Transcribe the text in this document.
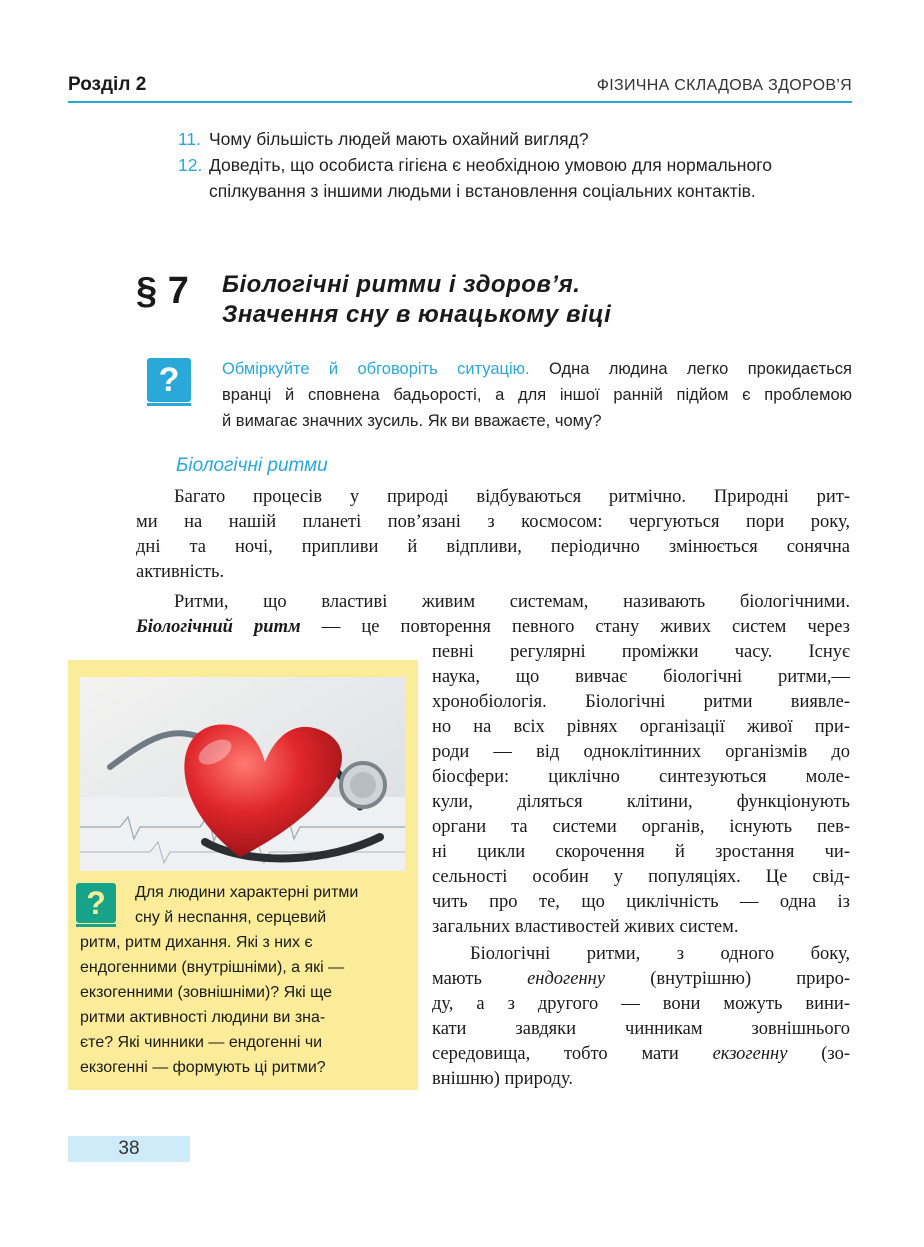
Розділ 2	ФІЗИЧНА СКЛАДОВА ЗДОРОВ’Я
11. Чому більшість людей мають охайний вигляд?
12. Доведіть, що особиста гігієна є необхідною умовою для нормального
спілкування з іншими людьми і встановлення соціальних контактів.
§ 7 Біологічні ритми і здоров’я.
Значення сну в юнацькому віці
?	Обміркуйте й обговоріть ситуацію. Одна людина легко прокидається
вранці й сповнена бадьорості, а для іншої ранній підйом є проблемою
й вимагає значних зусиль. Як ви вважаєте, чому?
Біологічні ритми
Багато процесів у природі відбуваються ритмічно. Природні рит-
ми на нашій планеті пов’язані з космосом: чергуються пори року,
дні та ночі, припливи й відпливи, періодично змінюється сонячна
активність.
Ритми, що властиві живим системам, називають біологічними.
Біологічний ритм — це повторення певного стану живих систем через
певні регулярні проміжки часу. Існує
наука, що вивчає біологічні ритми,—
хронобіологія. Біологічні ритми виявле-
но на всіх рівнях організації живої при-
роди — від одноклітинних організмів до
біосфери: циклічно синтезуються моле-
кули, діляться клітини, функціонують
органи та системи органів, існують пев-
ні цикли скорочення й зростання чи-
сельності особин у популяціях. Це свід-
чить про те, що циклічність — одна із
загальних властивостей живих систем.
Біологічні ритми, з одного боку,
мають ендогенну (внутрішню) приро-
ду, а з другого — вони можуть вини-
кати завдяки чинникам зовнішнього
середовища, тобто мати екзогенну (зо-
внішню) природу.
?	Для людини характерні ритми
сну й неспання, серцевий
ритм, ритм дихання. Які з них є
ендогенними (внутрішніми), а які —
екзогенними (зовнішніми)? Які ще
ритми активності людини ви зна-
єте? Які чинники — ендогенні чи
екзогенні — формують ці ритми?
38
